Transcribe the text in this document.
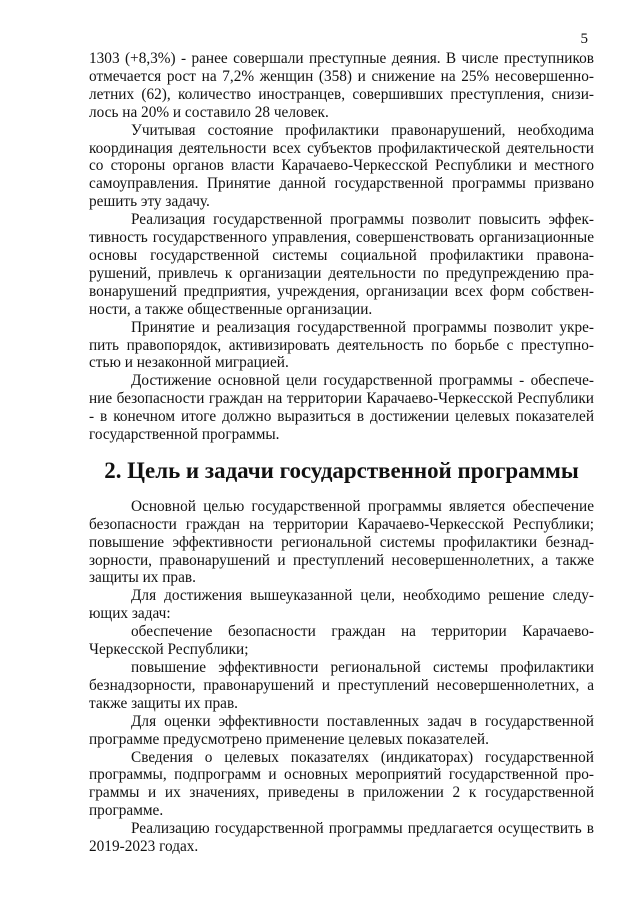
5

1303 (+8,3%) - ранее совершали преступные деяния. В числе преступников отмечается рост на 7,2% женщин (358) и снижение на 25% несовершеннолетних (62), количество иностранцев, совершивших преступления, снизилось на 20% и составило 28 человек.

Учитывая состояние профилактики правонарушений, необходима координация деятельности всех субъектов профилактической деятельности со стороны органов власти Карачаево-Черкесской Республики и местного самоуправления. Принятие данной государственной программы призвано решить эту задачу.

Реализация государственной программы позволит повысить эффективность государственного управления, совершенствовать организационные основы государственной системы социальной профилактики правонарушений, привлечь к организации деятельности по предупреждению правонарушений предприятия, учреждения, организации всех форм собственности, а также общественные организации.

Принятие и реализация государственной программы позволит укрепить правопорядок, активизировать деятельность по борьбе с преступностью и незаконной миграцией.

Достижение основной цели государственной программы - обеспечение безопасности граждан на территории Карачаево-Черкесской Республики - в конечном итоге должно выразиться в достижении целевых показателей государственной программы.

2. Цель и задачи государственной программы

Основной целью государственной программы является обеспечение безопасности граждан на территории Карачаево-Черкесской Республики; повышение эффективности региональной системы профилактики безнадзорности, правонарушений и преступлений несовершеннолетних, а также защиты их прав.

Для достижения вышеуказанной цели, необходимо решение следующих задач:

обеспечение безопасности граждан на территории Карачаево-Черкесской Республики;

повышение эффективности региональной системы профилактики безнадзорности, правонарушений и преступлений несовершеннолетних, а также защиты их прав.

Для оценки эффективности поставленных задач в государственной программе предусмотрено применение целевых показателей.

Сведения о целевых показателях (индикаторах) государственной программы, подпрограмм и основных мероприятий государственной программы и их значениях, приведены в приложении 2 к государственной программе.

Реализацию государственной программы предлагается осуществить в 2019-2023 годах.
